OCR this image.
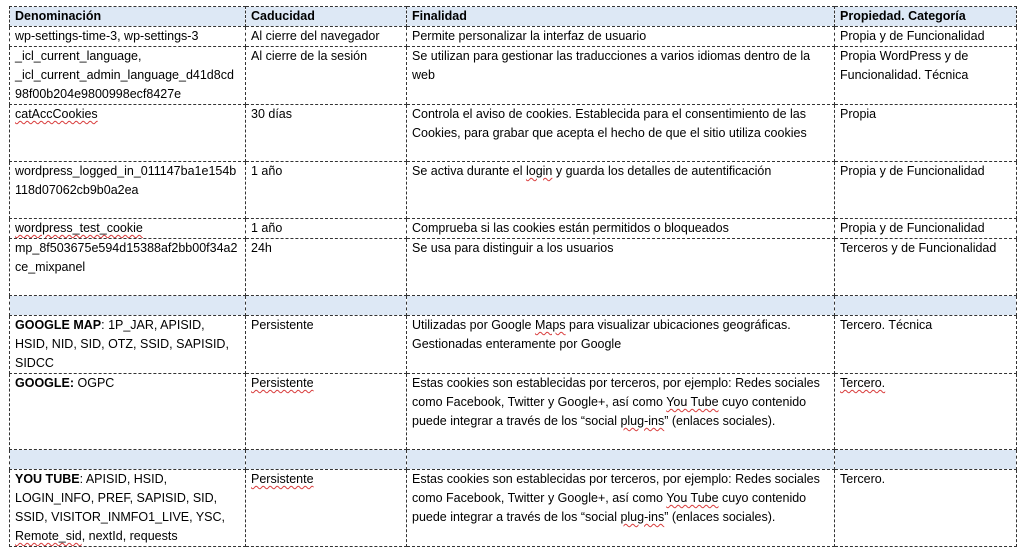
Denominación	Caducidad	Finalidad	Propiedad. Categoría
wp-settings-time-3, wp-settings-3	Al cierre del navegador	Permite personalizar la interfaz de usuario	Propia y de Funcionalidad
_icl_current_language, _icl_current_admin_language_d41d8cd98f00b204e9800998ecf8427e	Al cierre de la sesión	Se utilizan para gestionar las traducciones a varios idiomas dentro de la web	Propia WordPress y de Funcionalidad. Técnica
catAccCookies	30 días	Controla el aviso de cookies. Establecida para el consentimiento de las Cookies, para grabar que acepta el hecho de que el sitio utiliza cookies	Propia
wordpress_logged_in_011147ba1e154b118d07062cb9b0a2ea	1 año	Se activa durante el login y guarda los detalles de autentificación	Propia y de Funcionalidad
wordpress_test_cookie	1 año	Comprueba si las cookies están permitidos o bloqueados	Propia y de Funcionalidad
mp_8f503675e594d15388af2bb00f34a2ce_mixpanel	24h	Se usa para distinguir a los usuarios	Terceros y de Funcionalidad

GOOGLE MAP: 1P_JAR, APISID, HSID, NID, SID, OTZ, SSID, SAPISID, SIDCC	Persistente	Utilizadas por Google Maps para visualizar ubicaciones geográficas. Gestionadas enteramente por Google	Tercero. Técnica
GOOGLE: OGPC	Persistente	Estas cookies son establecidas por terceros, por ejemplo: Redes sociales como Facebook, Twitter y Google+, así como You Tube cuyo contenido puede integrar a través de los “social plug-ins” (enlaces sociales).	Tercero.

YOU TUBE: APISID, HSID, LOGIN_INFO, PREF, SAPISID, SID, SSID, VISITOR_INMFO1_LIVE, YSC, Remote_sid, nextId, requests	Persistente	Estas cookies son establecidas por terceros, por ejemplo: Redes sociales como Facebook, Twitter y Google+, así como You Tube cuyo contenido puede integrar a través de los “social plug-ins” (enlaces sociales).	Tercero.
